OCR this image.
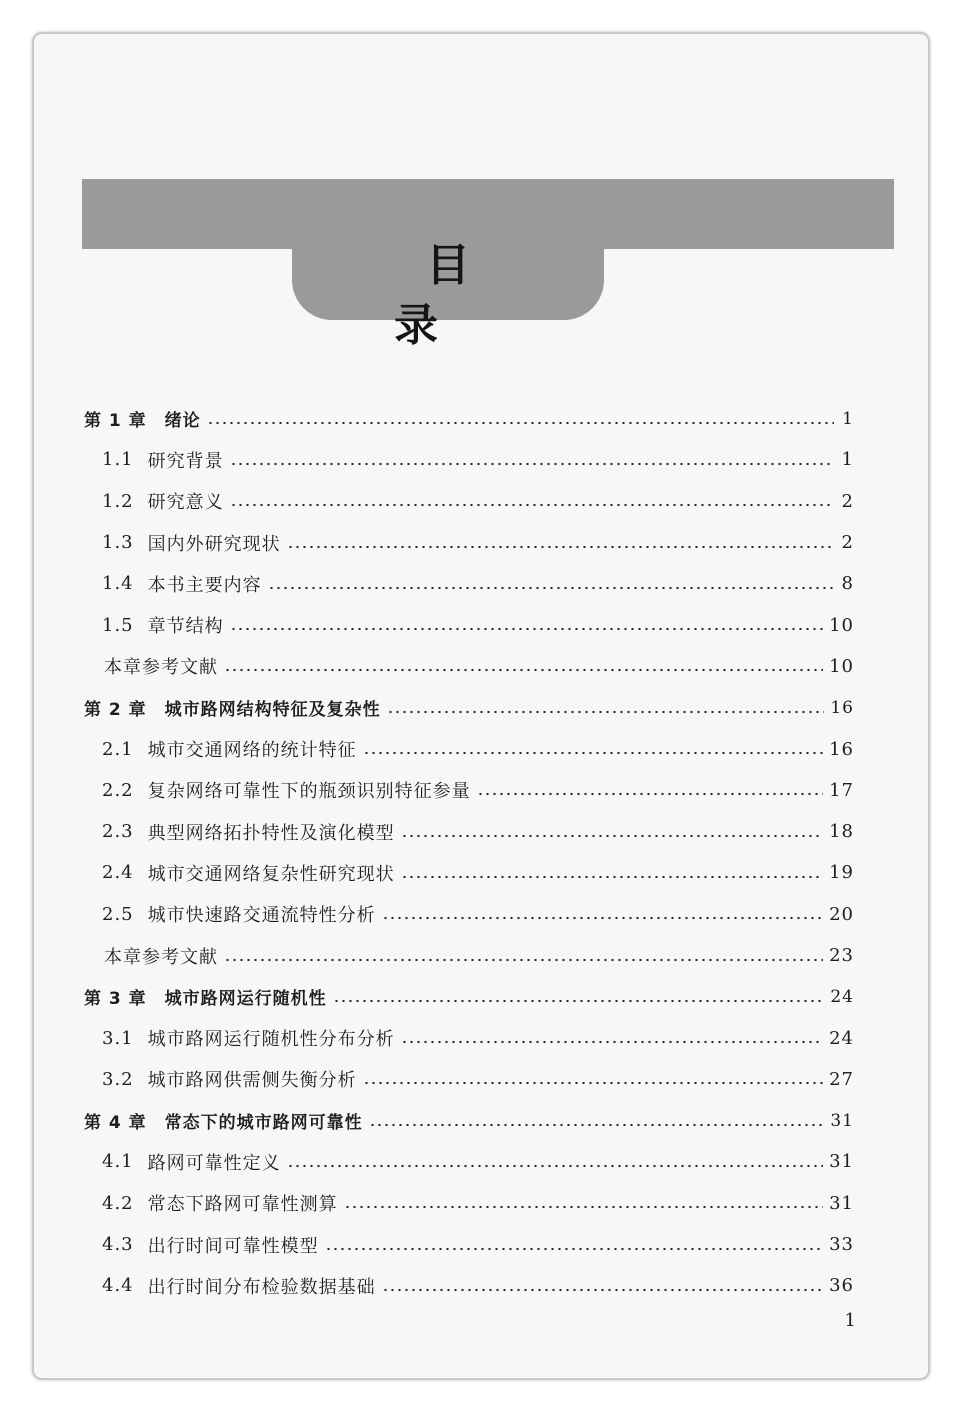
目　录
第 1 章 绪论	1
1.1 研究背景	1
1.2 研究意义	2
1.3 国内外研究现状	2
1.4 本书主要内容	8
1.5 章节结构	10
本章参考文献	10
第 2 章 城市路网结构特征及复杂性	16
2.1 城市交通网络的统计特征	16
2.2 复杂网络可靠性下的瓶颈识别特征参量	17
2.3 典型网络拓扑特性及演化模型	18
2.4 城市交通网络复杂性研究现状	19
2.5 城市快速路交通流特性分析	20
本章参考文献	23
第 3 章 城市路网运行随机性	24
3.1 城市路网运行随机性分布分析	24
3.2 城市路网供需侧失衡分析	27
第 4 章 常态下的城市路网可靠性	31
4.1 路网可靠性定义	31
4.2 常态下路网可靠性测算	31
4.3 出行时间可靠性模型	33
4.4 出行时间分布检验数据基础	36
1
